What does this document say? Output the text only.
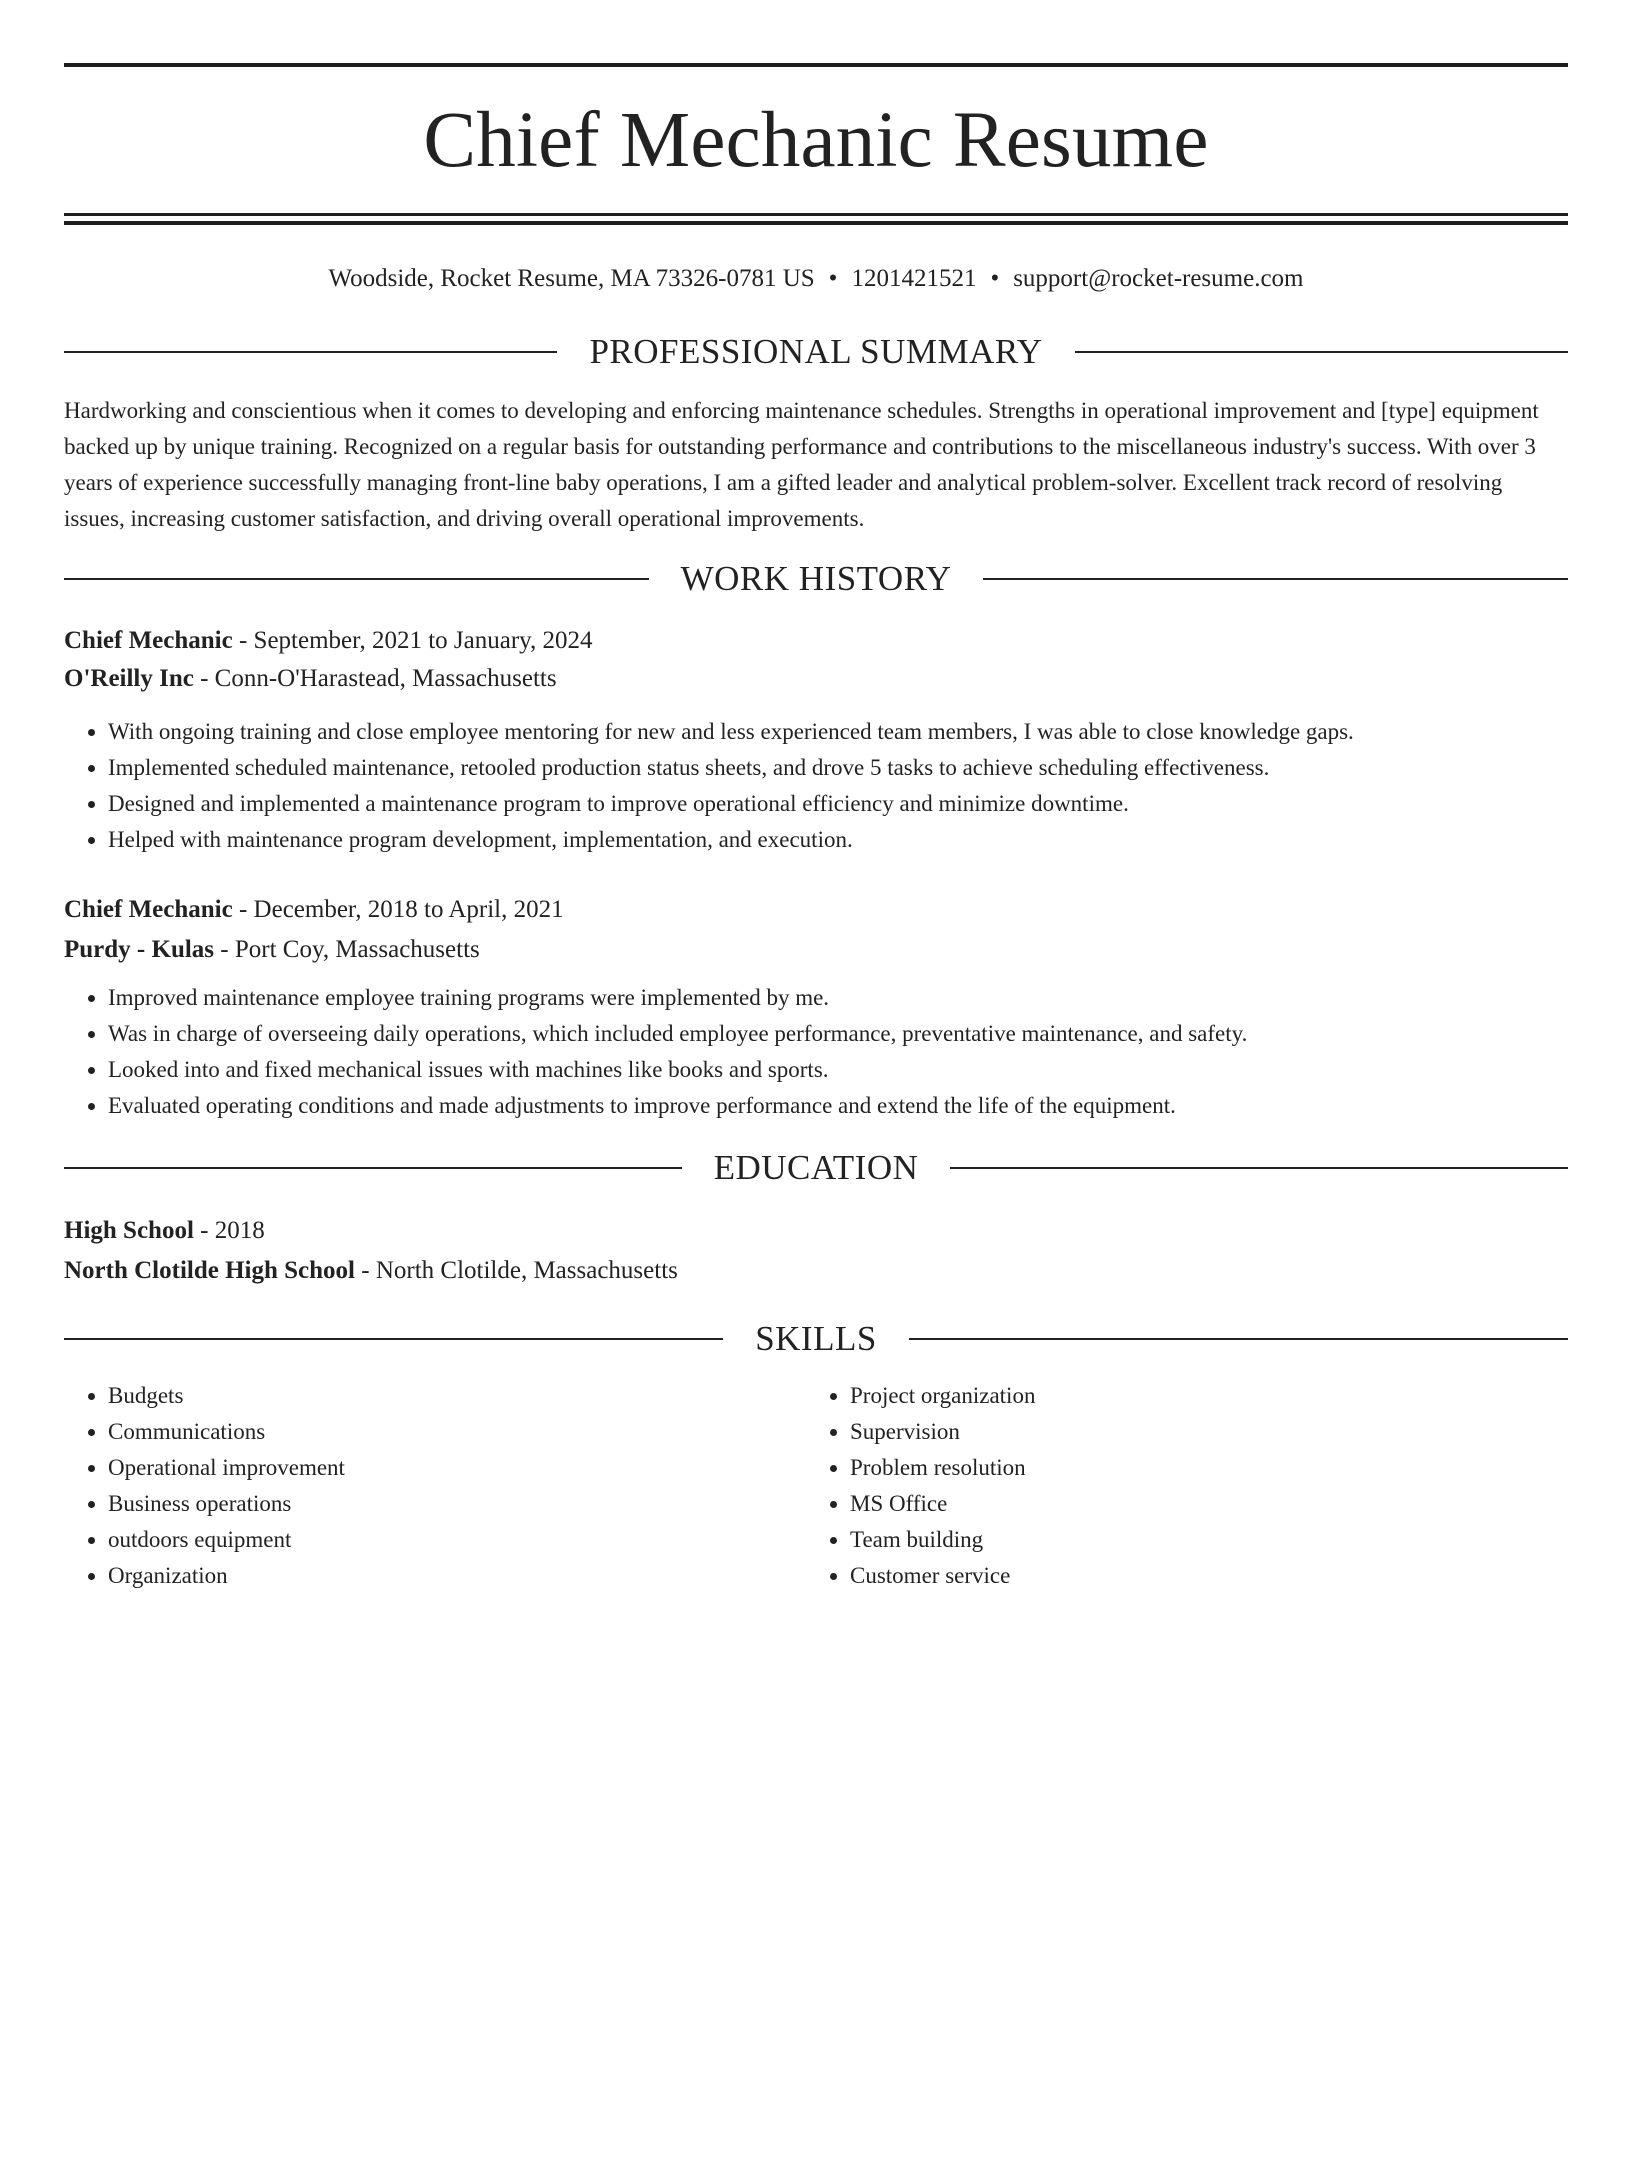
Chief Mechanic Resume
Woodside, Rocket Resume, MA 73326-0781 US • 1201421521 • support@rocket-resume.com
PROFESSIONAL SUMMARY

Hardworking and conscientious when it comes to developing and enforcing maintenance schedules. Strengths in operational improvement and [type] equipment backed up by unique training. Recognized on a regular basis for outstanding performance and contributions to the miscellaneous industry's success. With over 3 years of experience successfully managing front-line baby operations, I am a gifted leader and analytical problem-solver. Excellent track record of resolving issues, increasing customer satisfaction, and driving overall operational improvements.

WORK HISTORY
Chief Mechanic - September, 2021 to January, 2024
O'Reilly Inc - Conn-O'Harastead, Massachusetts
• With ongoing training and close employee mentoring for new and less experienced team members, I was able to close knowledge gaps.
• Implemented scheduled maintenance, retooled production status sheets, and drove 5 tasks to achieve scheduling effectiveness.
• Designed and implemented a maintenance program to improve operational efficiency and minimize downtime.
• Helped with maintenance program development, implementation, and execution.
Chief Mechanic - December, 2018 to April, 2021
Purdy - Kulas - Port Coy, Massachusetts
• Improved maintenance employee training programs were implemented by me.
• Was in charge of overseeing daily operations, which included employee performance, preventative maintenance, and safety.
• Looked into and fixed mechanical issues with machines like books and sports.
• Evaluated operating conditions and made adjustments to improve performance and extend the life of the equipment.
EDUCATION
High School - 2018
North Clotilde High School - North Clotilde, Massachusetts
SKILLS
• Budgets
• Communications
• Operational improvement
• Business operations
• outdoors equipment
• Organization
• Project organization
• Supervision
• Problem resolution
• MS Office
• Team building
• Customer service
